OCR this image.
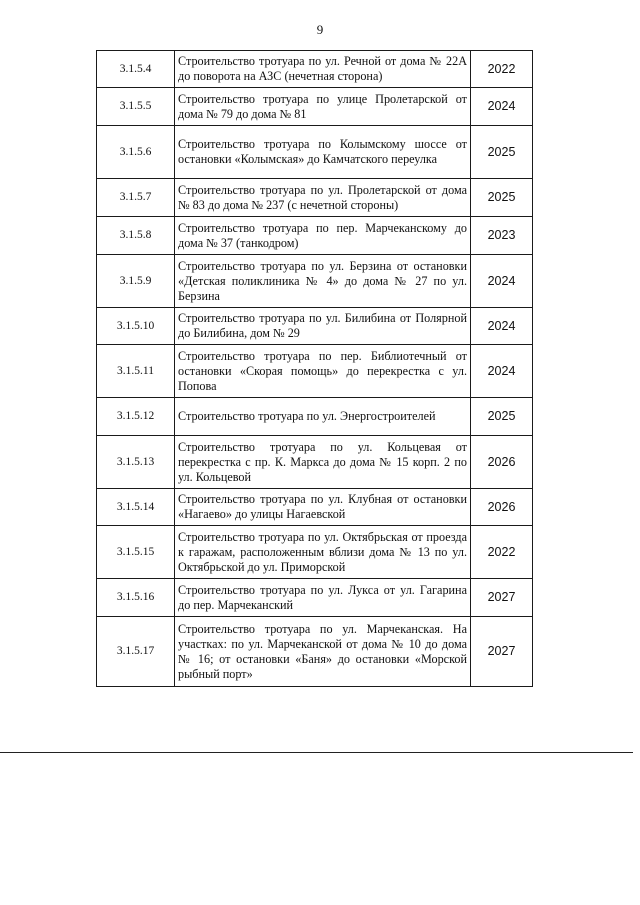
9
3.1.5.4	Строительство тротуара по ул. Речной от дома № 22А до поворота на АЗС (нечетная сторона)	2022
3.1.5.5	Строительство тротуара по улице Пролетарской от дома № 79 до дома № 81	2024
3.1.5.6	Строительство тротуара по Колымскому шоссе от остановки «Колымская» до Камчатского переулка	2025
3.1.5.7	Строительство тротуара по ул. Пролетарской от дома № 83 до дома № 237 (с нечетной стороны)	2025
3.1.5.8	Строительство тротуара по пер. Марчеканскому до дома № 37 (танкодром)	2023
3.1.5.9	Строительство тротуара по ул. Берзина от остановки «Детская поликлиника № 4» до дома № 27 по ул. Берзина	2024
3.1.5.10	Строительство тротуара по ул. Билибина от Полярной до Билибина, дом № 29	2024
3.1.5.11	Строительство тротуара по пер. Библиотечный от остановки «Скорая помощь» до перекрестка с ул. Попова	2024
3.1.5.12	Строительство тротуара по ул. Энергостроителей	2025
3.1.5.13	Строительство тротуара по ул. Кольцевая от перекрестка с пр. К. Маркса до дома № 15 корп. 2 по ул. Кольцевой	2026
3.1.5.14	Строительство тротуара по ул. Клубная от остановки «Нагаево» до улицы Нагаевской	2026
3.1.5.15	Строительство тротуара по ул. Октябрьская от проезда к гаражам, расположенным вблизи дома № 13 по ул. Октябрьской до ул. Приморской	2022
3.1.5.16	Строительство тротуара по ул. Лукса от ул. Гагарина до пер. Марчеканский	2027
3.1.5.17	Строительство тротуара по ул. Марчеканская. На участках: по ул. Марчеканской от дома № 10 до дома № 16; от остановки «Баня» до остановки «Морской рыбный порт»	2027
